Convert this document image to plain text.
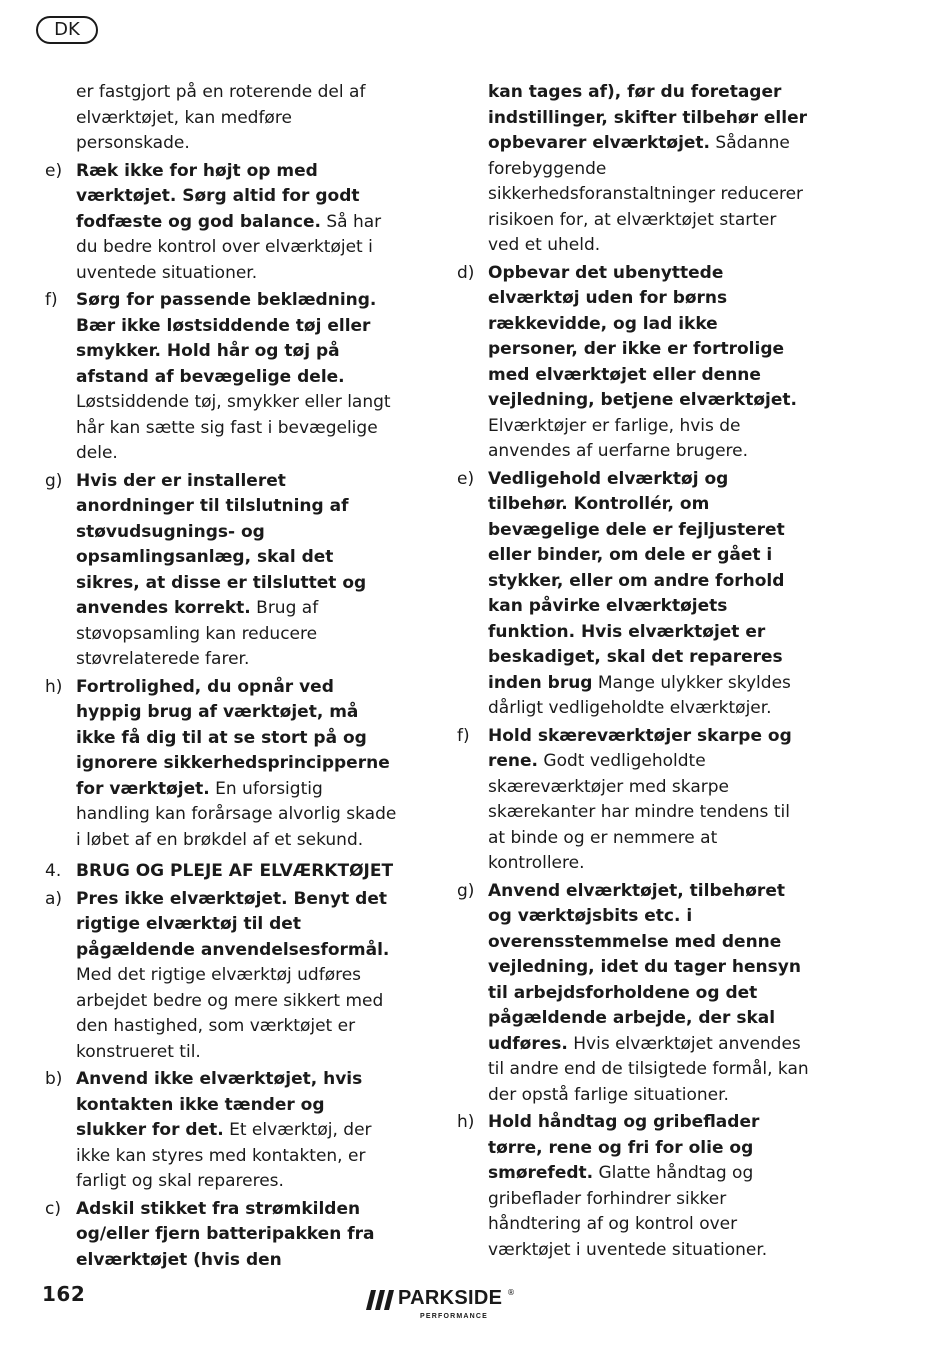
DK

er fastgjort på en roterende del af elværktøjet, kan medføre personskade.

e) Ræk ikke for højt op med værktøjet. Sørg altid for godt fodfæste og god balance. Så har du bedre kontrol over elværktøjet i uventede situationer.

f) Sørg for passende beklædning. Bær ikke løstsiddende tøj eller smykker. Hold hår og tøj på afstand af bevægelige dele. Løstsiddende tøj, smykker eller langt hår kan sætte sig fast i bevægelige dele.

g) Hvis der er installeret anordninger til tilslutning af støvudsugnings- og opsamlingsanlæg, skal det sikres, at disse er tilsluttet og anvendes korrekt. Brug af støvopsamling kan reducere støvrelaterede farer.

h) Fortrolighed, du opnår ved hyppig brug af værktøjet, må ikke få dig til at se stort på og ignorere sikkerhedsprincipperne for værktøjet. En uforsigtig handling kan forårsage alvorlig skade i løbet af en brøkdel af et sekund.

4. BRUG OG PLEJE AF ELVÆRKTØJET

a) Pres ikke elværktøjet. Benyt det rigtige elværktøj til det pågældende anvendelsesformål. Med det rigtige elværktøj udføres arbejdet bedre og mere sikkert med den hastighed, som værktøjet er konstrueret til.

b) Anvend ikke elværktøjet, hvis kontakten ikke tænder og slukker for det. Et elværktøj, der ikke kan styres med kontakten, er farligt og skal repareres.

c) Adskil stikket fra strømkilden og/eller fjern batteripakken fra elværktøjet (hvis den

kan tages af), før du foretager indstillinger, skifter tilbehør eller opbevarer elværktøjet. Sådanne forebyggende sikkerhedsforanstaltninger reducerer risikoen for, at elværktøjet starter ved et uheld.

d) Opbevar det ubenyttede elværktøj uden for børns rækkevidde, og lad ikke personer, der ikke er fortrolige med elværktøjet eller denne vejledning, betjene elværktøjet. Elværktøjer er farlige, hvis de anvendes af uerfarne brugere.

e) Vedligehold elværktøj og tilbehør. Kontrollér, om bevægelige dele er fejljusteret eller binder, om dele er gået i stykker, eller om andre forhold kan påvirke elværktøjets funktion. Hvis elværktøjet er beskadiget, skal det repareres inden brug Mange ulykker skyldes dårligt vedligeholdte elværktøjer.

f) Hold skæreværktøjer skarpe og rene. Godt vedligeholdte skæreværktøjer med skarpe skærekanter har mindre tendens til at binde og er nemmere at kontrollere.

g) Anvend elværktøjet, tilbehøret og værktøjsbits etc. i overensstemmelse med denne vejledning, idet du tager hensyn til arbejdsforholdene og det pågældende arbejde, der skal udføres. Hvis elværktøjet anvendes til andre end de tilsigtede formål, kan der opstå farlige situationer.

h) Hold håndtag og gribeflader tørre, rene og fri for olie og smørefedt. Glatte håndtag og gribeflader forhindrer sikker håndtering af og kontrol over værktøjet i uventede situationer.

162	PARKSIDE ®
PERFORMANCE
